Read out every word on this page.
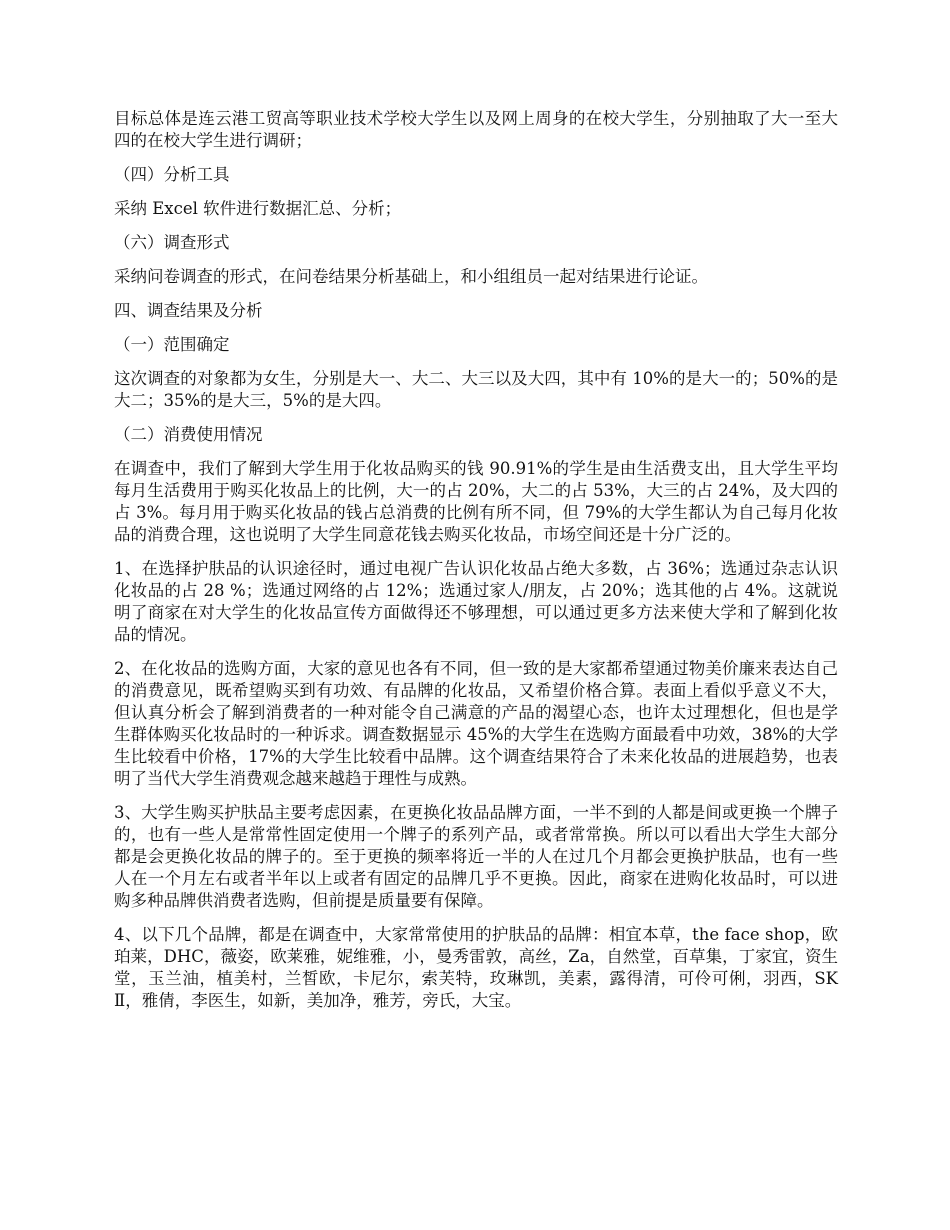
目标总体是连云港工贸高等职业技术学校大学生以及网上周身的在校大学生，分别抽取了大一至大四的在校大学生进行调研；

（四）分析工具

采纳 Excel 软件进行数据汇总、分析；

（六）调查形式

采纳问卷调查的形式，在问卷结果分析基础上，和小组组员一起对结果进行论证。

四、调查结果及分析

（一）范围确定

这次调查的对象都为女生，分别是大一、大二、大三以及大四，其中有 10%的是大一的；50%的是大二；35%的是大三，5%的是大四。

（二）消费使用情况

在调查中，我们了解到大学生用于化妆品购买的钱 90.91%的学生是由生活费支出，且大学生平均每月生活费用于购买化妆品上的比例，大一的占 20%，大二的占 53%，大三的占 24%，及大四的占 3%。每月用于购买化妆品的钱占总消费的比例有所不同，但 79%的大学生都认为自己每月化妆品的消费合理，这也说明了大学生同意花钱去购买化妆品，市场空间还是十分广泛的。

1、在选择护肤品的认识途径时，通过电视广告认识化妆品占绝大多数，占 36%；选通过杂志认识化妆品的占 28 %；选通过网络的占 12%；选通过家人/朋友，占 20%；选其他的占 4%。这就说明了商家在对大学生的化妆品宣传方面做得还不够理想，可以通过更多方法来使大学和了解到化妆品的情况。

2、在化妆品的选购方面，大家的意见也各有不同，但一致的是大家都希望通过物美价廉来表达自己的消费意见，既希望购买到有功效、有品牌的化妆品，又希望价格合算。表面上看似乎意义不大，但认真分析会了解到消费者的一种对能令自己满意的产品的渴望心态，也许太过理想化，但也是学生群体购买化妆品时的一种诉求。调查数据显示 45%的大学生在选购方面最看中功效，38%的大学生比较看中价格，17%的大学生比较看中品牌。这个调查结果符合了未来化妆品的进展趋势，也表明了当代大学生消费观念越来越趋于理性与成熟。

3、大学生购买护肤品主要考虑因素，在更换化妆品品牌方面，一半不到的人都是间或更换一个牌子的，也有一些人是常常性固定使用一个牌子的系列产品，或者常常换。所以可以看出大学生大部分都是会更换化妆品的牌子的。至于更换的频率将近一半的人在过几个月都会更换护肤品，也有一些人在一个月左右或者半年以上或者有固定的品牌几乎不更换。因此，商家在进购化妆品时，可以进购多种品牌供消费者选购，但前提是质量要有保障。

4、以下几个品牌，都是在调查中，大家常常使用的护肤品的品牌：相宜本草，the face shop，欧珀莱，DHC，薇姿，欧莱雅，妮维雅，小，曼秀雷敦，高丝，Za，自然堂，百草集，丁家宜，资生堂，玉兰油，植美村，兰皙欧，卡尼尔，索芙特，玫琳凯，美素，露得清，可伶可俐，羽西，SKⅡ，雅倩，李医生，如新，美加净，雅芳，旁氏，大宝。
